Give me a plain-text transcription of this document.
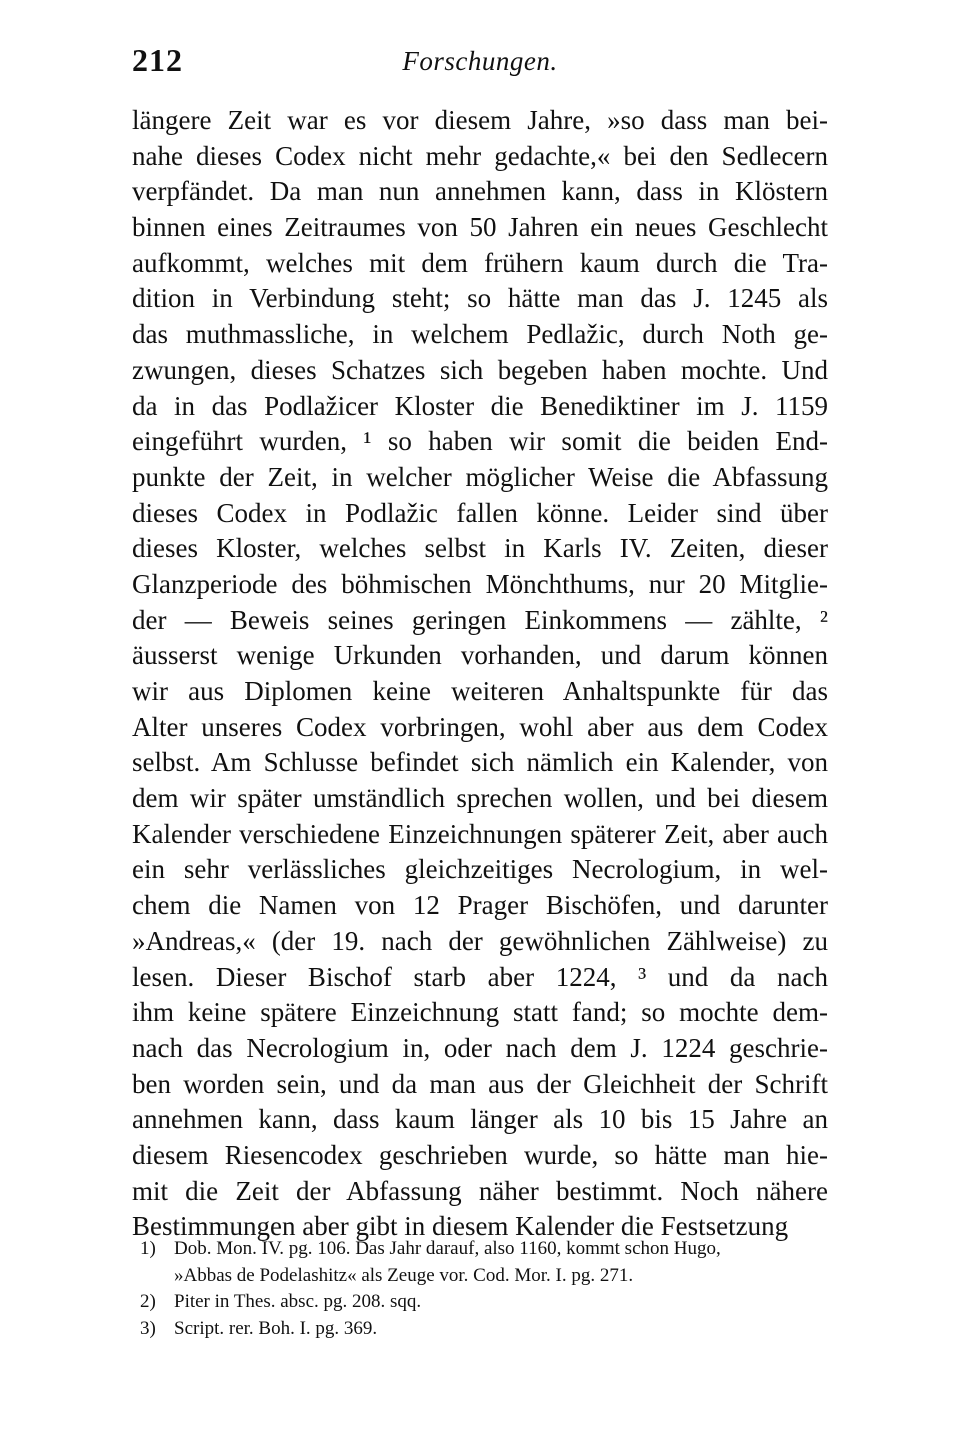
212	Forschungen.
längere Zeit war es vor diesem Jahre, »so dass man bei-
nahe dieses Codex nicht mehr gedachte,« bei den Sedlecern
verpfändet. Da man nun annehmen kann, dass in Klöstern
binnen eines Zeitraumes von 50 Jahren ein neues Geschlecht
aufkommt, welches mit dem frühern kaum durch die Tra-
dition in Verbindung steht; so hätte man das J. 1245 als
das muthmassliche, in welchem Pedlažic, durch Noth ge-
zwungen, dieses Schatzes sich begeben haben mochte. Und
da in das Podlažicer Kloster die Benediktiner im J. 1159
eingeführt wurden, ¹ so haben wir somit die beiden End-
punkte der Zeit, in welcher möglicher Weise die Abfassung
dieses Codex in Podlažic fallen könne. Leider sind über
dieses Kloster, welches selbst in Karls IV. Zeiten, dieser
Glanzperiode des böhmischen Mönchthums, nur 20 Mitglie-
der — Beweis seines geringen Einkommens — zählte, ²
äusserst wenige Urkunden vorhanden, und darum können
wir aus Diplomen keine weiteren Anhaltspunkte für das
Alter unseres Codex vorbringen, wohl aber aus dem Codex
selbst. Am Schlusse befindet sich nämlich ein Kalender, von
dem wir später umständlich sprechen wollen, und bei diesem
Kalender verschiedene Einzeichnungen späterer Zeit, aber auch
ein sehr verlässliches gleichzeitiges Necrologium, in wel-
chem die Namen von 12 Prager Bischöfen, und darunter
»Andreas,« (der 19. nach der gewöhnlichen Zählweise) zu
lesen. Dieser Bischof starb aber 1224, ³ und da nach
ihm keine spätere Einzeichnung statt fand; so mochte dem-
nach das Necrologium in, oder nach dem J. 1224 geschrie-
ben worden sein, und da man aus der Gleichheit der Schrift
annehmen kann, dass kaum länger als 10 bis 15 Jahre an
diesem Riesencodex geschrieben wurde, so hätte man hie-
mit die Zeit der Abfassung näher bestimmt. Noch nähere
Bestimmungen aber gibt in diesem Kalender die Festsetzung
1) Dob. Mon. IV. pg. 106. Das Jahr darauf, also 1160, kommt schon Hugo,
»Abbas de Podelashitz« als Zeuge vor. Cod. Mor. I. pg. 271.
2) Piter in Thes. absc. pg. 208. sqq.
3) Script. rer. Boh. I. pg. 369.
